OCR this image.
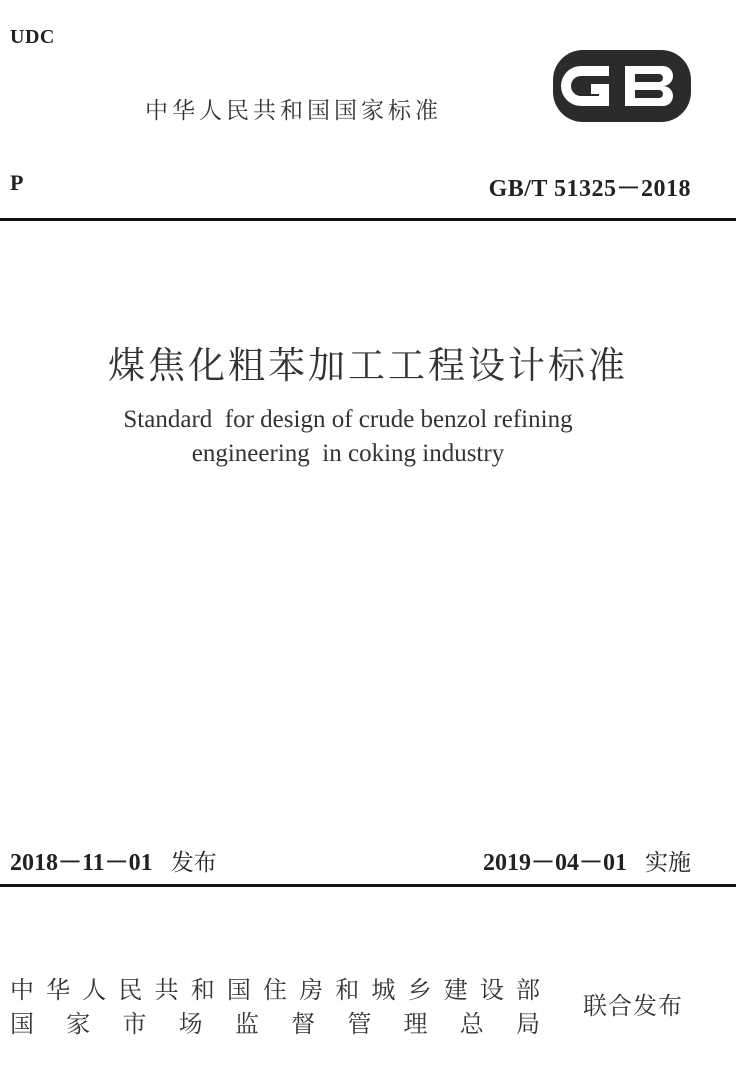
UDC
中华人民共和国国家标准
P	GB/T 51325－2018
煤焦化粗苯加工工程设计标准
Standard  for design of crude benzol refining
engineering  in coking industry
2018－11－01 发布	2019－04－01 实施
中华人民共和国住房和城乡建设部
国家市场监督管理总局
联合发布
